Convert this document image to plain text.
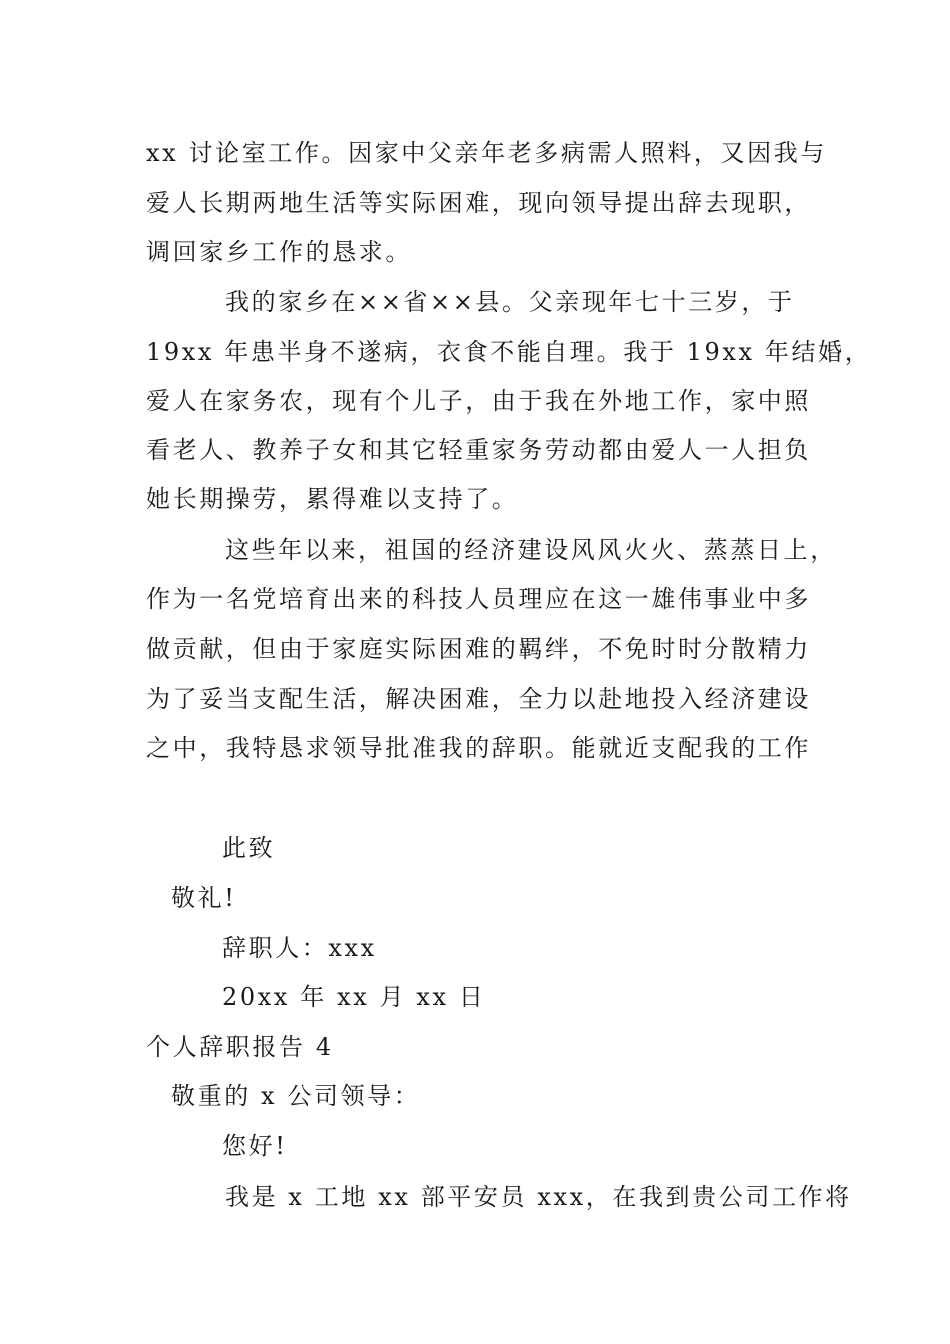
xx 讨论室工作。因家中父亲年老多病需人照料，又因我与
爱人长期两地生活等实际困难，现向领导提出辞去现职，
调回家乡工作的恳求。
我的家乡在××省××县。父亲现年七十三岁，于
19xx 年患半身不遂病，衣食不能自理。我于 19xx 年结婚，
爱人在家务农，现有个儿子，由于我在外地工作，家中照
看老人、教养子女和其它轻重家务劳动都由爱人一人担负
她长期操劳，累得难以支持了。
这些年以来，祖国的经济建设风风火火、蒸蒸日上，
作为一名党培育出来的科技人员理应在这一雄伟事业中多
做贡献，但由于家庭实际困难的羁绊，不免时时分散精力
为了妥当支配生活，解决困难，全力以赴地投入经济建设
之中，我特恳求领导批准我的辞职。能就近支配我的工作
此致
敬礼!
辞职人：xxx
20xx 年 xx 月 xx 日
个人辞职报告 4
敬重的 x 公司领导：
您好!
我是 x 工地 xx 部平安员 xxx，在我到贵公司工作将
